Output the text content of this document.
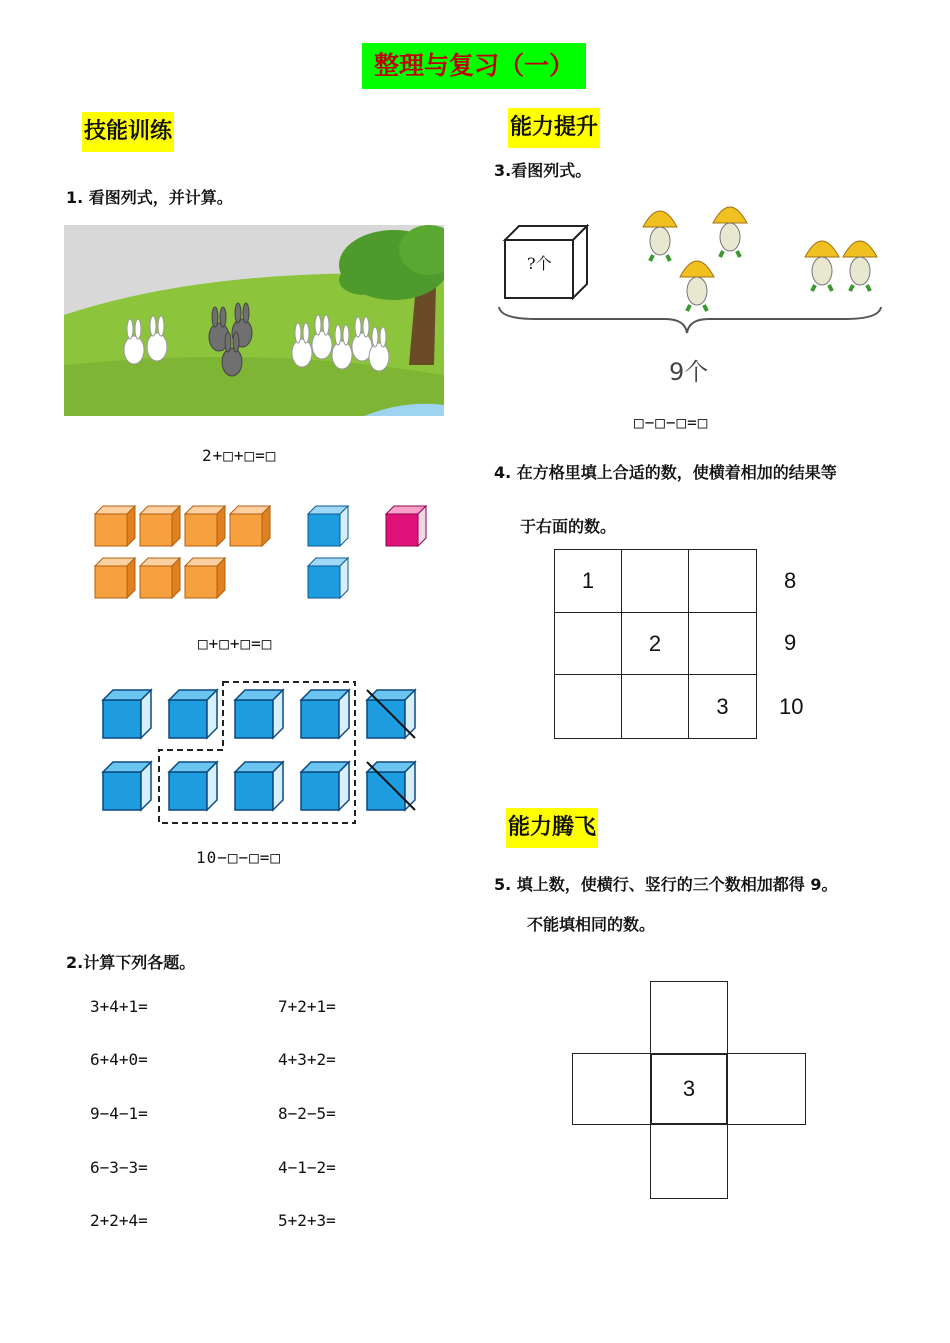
整理与复习（一）
技能训练	能力提升
能力腾飞
1. 看图列式，并计算。
2+□+□=□
□+□+□=□
10−□−□=□
2.计算下列各题。
3+4+1=
6+4+0=
9−4−1=
6−3−3=
2+2+4=
7+2+1=
4+3+2=
8−2−5=
4−1−2=
5+2+3=
3.看图列式。
?个
9个
□−□−□=□
4. 在方格里填上合适的数，使横着相加的结果等
于右面的数。
1
2
3
8
9
10
5. 填上数，使横行、竖行的三个数相加都得 9。
不能填相同的数。
3
